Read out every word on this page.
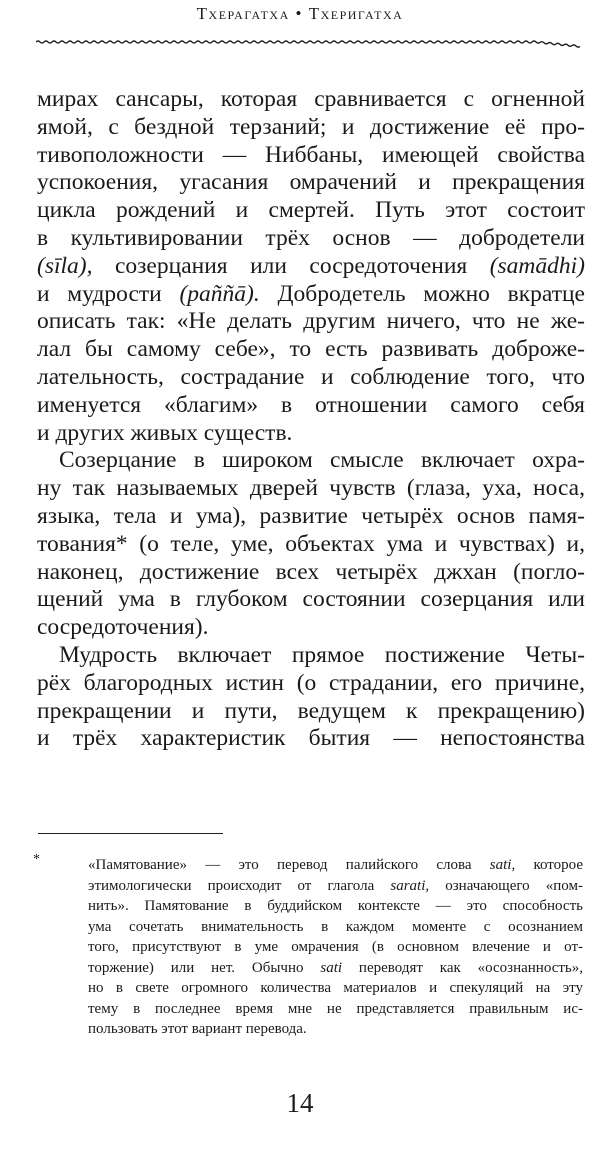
Тхерагатха • Тхеригатха
мирах сансары, которая сравнивается с огненной
ямой, с бездной терзаний; и достижение её про-
тивоположности — Ниббаны, имеющей свойства
успокоения, угасания омрачений и прекращения
цикла рождений и смертей. Путь этот состоит
в культивировании трёх основ — добродетели
(sīla), созерцания или сосредоточения (samādhi)
и мудрости (paññā). Добродетель можно вкратце
описать так: «Не делать другим ничего, что не же-
лал бы самому себе», то есть развивать доброже-
лательность, сострадание и соблюдение того, что
именуется «благим» в отношении самого себя
и других живых существ.
Созерцание в широком смысле включает охра-
ну так называемых дверей чувств (глаза, уха, носа,
языка, тела и ума), развитие четырёх основ памя-
тования* (о теле, уме, объектах ума и чувствах) и,
наконец, достижение всех четырёх джхан (погло-
щений ума в глубоком состоянии созерцания или
сосредоточения).
Мудрость включает прямое постижение Четы-
рёх благородных истин (о страдании, его причине,
прекращении и пути, ведущем к прекращению)
и трёх характеристик бытия — непостоянства
*	«Памятование» — это перевод палийского слова sati, которое
этимологически происходит от глагола sarati, означающего «пом-
нить». Памятование в буддийском контексте — это способность
ума сочетать внимательность в каждом моменте с осознанием
того, присутствуют в уме омрачения (в основном влечение и от-
торжение) или нет. Обычно sati переводят как «осознанность»,
но в свете огромного количества материалов и спекуляций на эту
тему в последнее время мне не представляется правильным ис-
пользовать этот вариант перевода.
14
